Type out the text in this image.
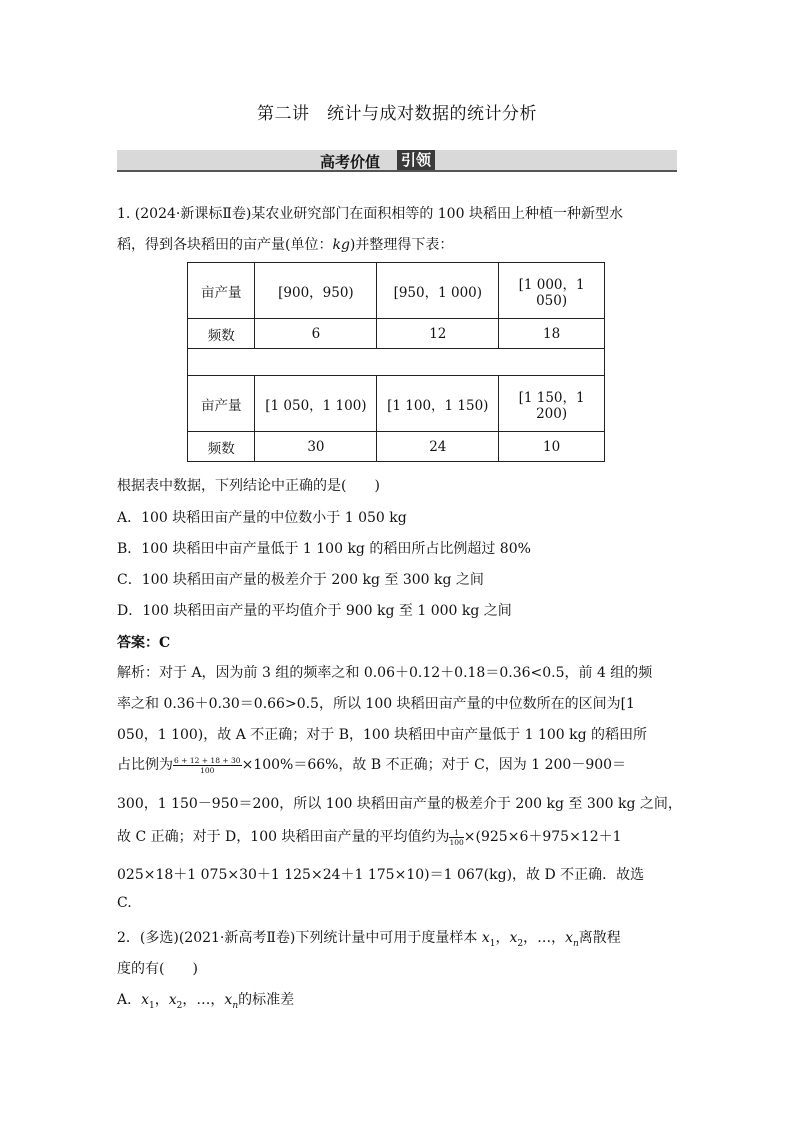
第二讲　统计与成对数据的统计分析
高考价值 引领
1. (2024·新课标Ⅱ卷)某农业研究部门在面积相等的 100 块稻田上种植一种新型水
稻，得到各块稻田的亩产量(单位：kg)并整理得下表：
亩产量	[900，950)	[950，1 000)	[1 000，1
050)
频数	6	12	18

亩产量	[1 050，1 100)	[1 100，1 150)	[1 150，1
200)
频数	30	24	10
根据表中数据，下列结论中正确的是(　　)
A．100 块稻田亩产量的中位数小于 1 050 kg
B．100 块稻田中亩产量低于 1 100 kg 的稻田所占比例超过 80%
C．100 块稻田亩产量的极差介于 200 kg 至 300 kg 之间
D．100 块稻田亩产量的平均值介于 900 kg 至 1 000 kg 之间
答案：C
解析：对于 A，因为前 3 组的频率之和 0.06＋0.12＋0.18＝0.36<0.5，前 4 组的频
率之和 0.36＋0.30＝0.66>0.5，所以 100 块稻田亩产量的中位数所在的区间为[1
050，1 100)，故 A 不正确；对于 B，100 块稻田中亩产量低于 1 100 kg 的稻田所
占比例为 $\frac{6 + 12 + 18 + 30}{100} \times 100\%=66\%$，故 B 不正确；对于 C，因为 1 200－900＝
300，1 150－950＝200，所以 100 块稻田亩产量的极差介于 200 kg 至 300 kg 之间，
故 C 正确；对于 D，100 块稻田亩产量的平均值约为 $\frac{1}{100} \times(925\times 6+975\times 12+1$
025×18＋1 075×30＋1 125×24＋1 175×10)＝1 067(kg)，故 D 不正确．故选
C.
2．(多选)(2021·新高考Ⅱ卷)下列统计量中可用于度量样本 $x_1$，$x_2$，…，$x_n$离散程
度的有(　　)
A．$x_1$，$x_2$，…，$x_n$的标准差
